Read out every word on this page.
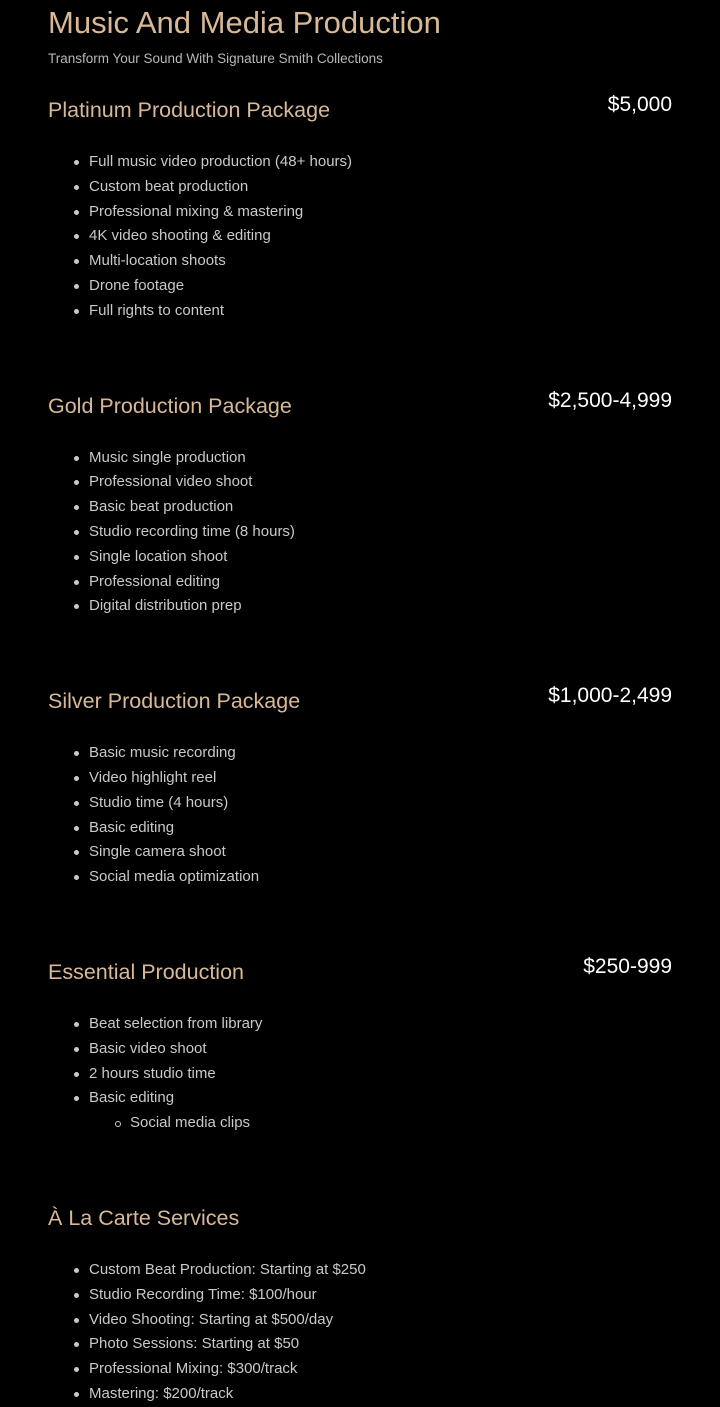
Music And Media Production

Transform Your Sound With Signature Smith Collections

Platinum Production Package	$5,000
Full music video production (48+ hours)
Custom beat production
Professional mixing & mastering
4K video shooting & editing
Multi-location shoots
Drone footage
Full rights to content
Gold Production Package	$2,500-4,999
Music single production
Professional video shoot
Basic beat production
Studio recording time (8 hours)
Single location shoot
Professional editing
Digital distribution prep
Silver Production Package	$1,000-2,499
Basic music recording
Video highlight reel
Studio time (4 hours)
Basic editing
Single camera shoot
Social media optimization
Essential Production	$250-999
Beat selection from library
Basic video shoot
2 hours studio time
Basic editing
Social media clips
À La Carte Services
Custom Beat Production: Starting at $250
Studio Recording Time: $100/hour
Video Shooting: Starting at $500/day
Photo Sessions: Starting at $50
Professional Mixing: $300/track
Mastering: $200/track
